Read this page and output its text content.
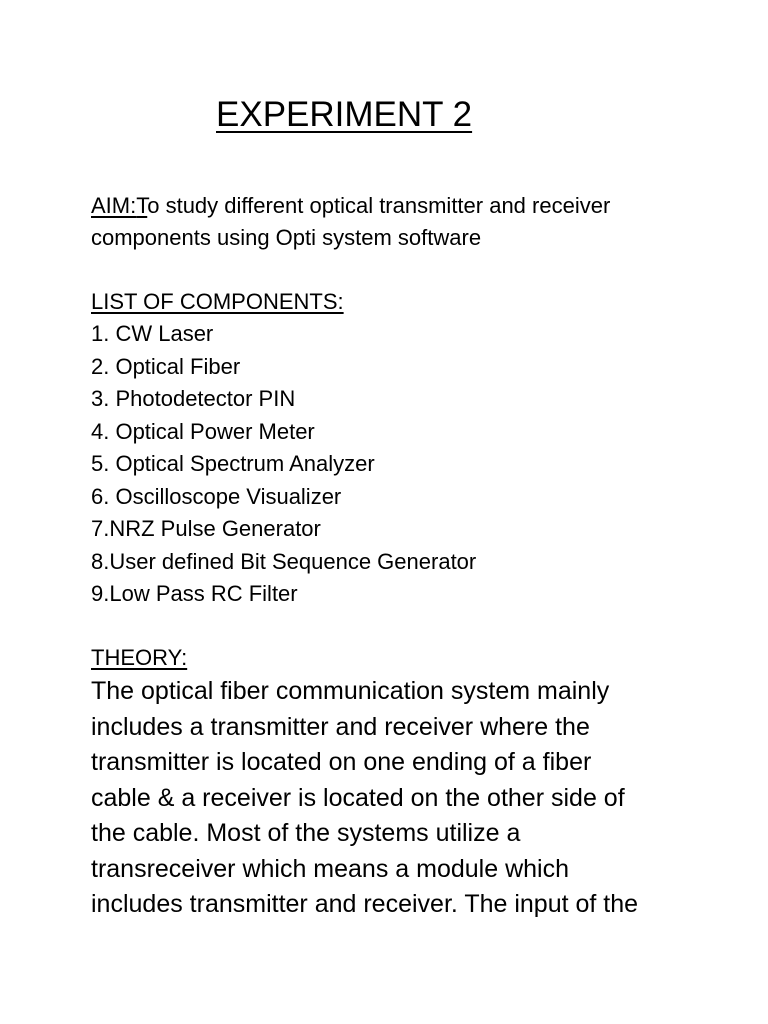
EXPERIMENT 2
AIM:To study different optical transmitter and receiver components using Opti system software
LIST OF COMPONENTS:
1. CW Laser
2. Optical Fiber
3. Photodetector PIN
4. Optical Power Meter
5. Optical Spectrum Analyzer
6. Oscilloscope Visualizer
7.NRZ Pulse Generator
8.User defined Bit Sequence Generator
9.Low Pass RC Filter
THEORY:

The optical fiber communication system mainly
includes a transmitter and receiver where the
transmitter is located on one ending of a fiber
cable & a receiver is located on the other side of
the cable. Most of the systems utilize a
transreceiver which means a module which
includes transmitter and receiver. The input of the
